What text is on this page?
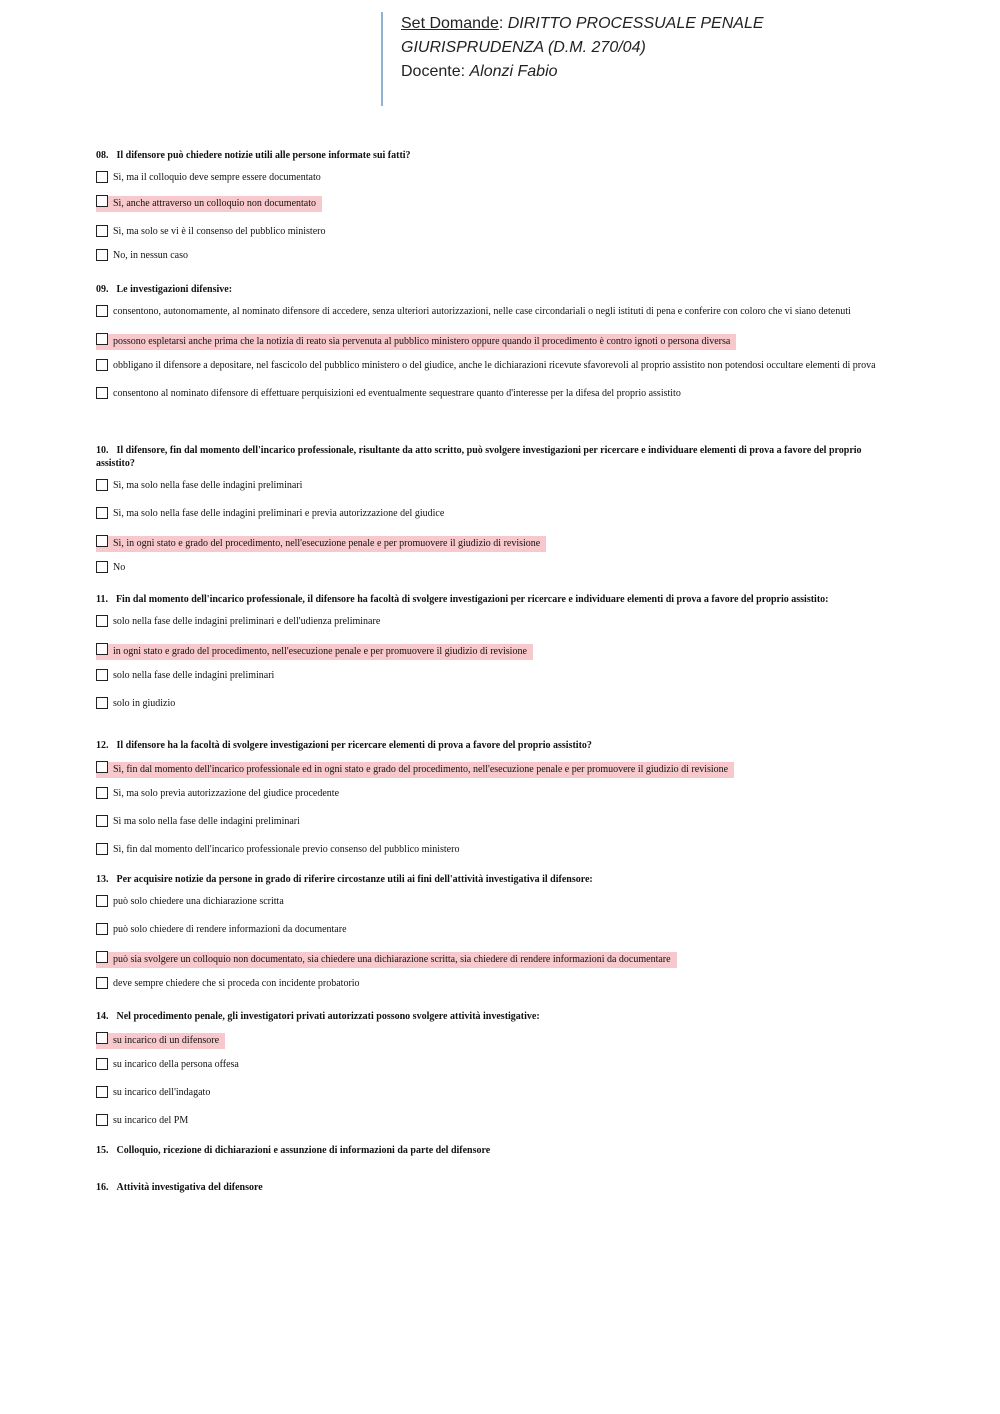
Set Domande: DIRITTO PROCESSUALE PENALE
GIURISPRUDENZA (D.M. 270/04)
Docente: Alonzi Fabio
08. Il difensore può chiedere notizie utili alle persone informate sui fatti?
Sì, ma il colloquio deve sempre essere documentato
Sì, anche attraverso un colloquio non documentato
Sì, ma solo se vi è il consenso del pubblico ministero
No, in nessun caso
09. Le investigazioni difensive:
consentono, autonomamente, al nominato difensore di accedere, senza ulteriori autorizzazioni, nelle case circondariali o negli istituti di pena e conferire con coloro che vi siano detenuti
possono espletarsi anche prima che la notizia di reato sia pervenuta al pubblico ministero oppure quando il procedimento è contro ignoti o persona diversa
obbligano il difensore a depositare, nel fascicolo del pubblico ministero o del giudice, anche le dichiarazioni ricevute sfavorevoli al proprio assistito non potendosi occultare elementi di prova
consentono al nominato difensore di effettuare perquisizioni ed eventualmente sequestrare quanto d'interesse per la difesa del proprio assistito
10. Il difensore, fin dal momento dell'incarico professionale, risultante da atto scritto, può svolgere investigazioni per ricercare e individuare elementi di prova a favore del proprio assistito?
Sì, ma solo nella fase delle indagini preliminari
Sì, ma solo nella fase delle indagini preliminari e previa autorizzazione del giudice
Sì, in ogni stato e grado del procedimento, nell'esecuzione penale e per promuovere il giudizio di revisione
No
11. Fin dal momento dell'incarico professionale, il difensore ha facoltà di svolgere investigazioni per ricercare e individuare elementi di prova a favore del proprio assistito:
solo nella fase delle indagini preliminari e dell'udienza preliminare
in ogni stato e grado del procedimento, nell'esecuzione penale e per promuovere il giudizio di revisione
solo nella fase delle indagini preliminari
solo in giudizio
12. Il difensore ha la facoltà di svolgere investigazioni per ricercare elementi di prova a favore del proprio assistito?
Sì, fin dal momento dell'incarico professionale ed in ogni stato e grado del procedimento, nell'esecuzione penale e per promuovere il giudizio di revisione
Sì, ma solo previa autorizzazione del giudice procedente
Sì ma solo nella fase delle indagini preliminari
Sì, fin dal momento dell'incarico professionale previo consenso del pubblico ministero
13. Per acquisire notizie da persone in grado di riferire circostanze utili ai fini dell'attività investigativa il difensore:
può solo chiedere una dichiarazione scritta
può solo chiedere di rendere informazioni da documentare
può sia svolgere un colloquio non documentato, sia chiedere una dichiarazione scritta, sia chiedere di rendere informazioni da documentare
deve sempre chiedere che si proceda con incidente probatorio
14. Nel procedimento penale, gli investigatori privati autorizzati possono svolgere attività investigative:
su incarico di un difensore
su incarico della persona offesa
su incarico dell'indagato
su incarico del PM
15. Colloquio, ricezione di dichiarazioni e assunzione di informazioni da parte del difensore
16. Attività investigativa del difensore
